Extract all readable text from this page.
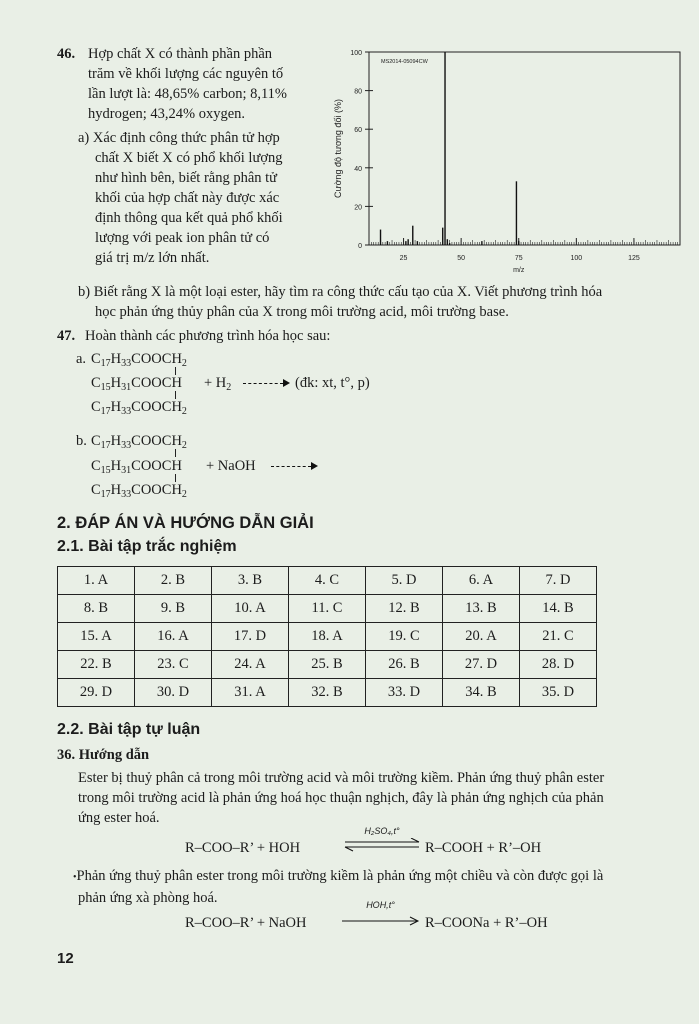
46. Hợp chất X có thành phần phần
trăm về khối lượng các nguyên tố
lần lượt là: 48,65% carbon; 8,11%
hydrogen; 43,24% oxygen.
a) Xác định công thức phân tử hợp
chất X biết X có phổ khối lượng
như hình bên, biết rằng phân tử
khối của hợp chất này được xác
định thông qua kết quả phổ khối
lượng với peak ion phân tử có
giá trị m/z lớn nhất.
0
20
40
60
80
100
25	50	75	100	125
MS2014-05094CW
m/z
Cường độ tương đối (%)
b) Biết rằng X là một loại ester, hãy tìm ra công thức cấu tạo của X. Viết phương trình hóa
học phản ứng thủy phân của X trong môi trường acid, môi trường base.
47. Hoàn thành các phương trình hóa học sau:
a. $C_{17}H_{33}COOCH_2$
$C_{15}H_{31}COOCH + H_2$	(đk: xt, t°, p)
$C_{17}H_{33}COOCH_2$
b. $C_{17}H_{33}COOCH_2$
$C_{15}H_{31}COOCH$ + NaOH
$C_{17}H_{33}COOCH_2$
2. ĐÁP ÁN VÀ HƯỚNG DẪN GIẢI
2.1. Bài tập trắc nghiệm
1. A	2. B	3. B	4. C	5. D	6. A	7. D
8. B	9. B	10. A	11. C	12. B	13. B	14. B
15. A	16. A	17. D	18. A	19. C	20. A	21. C
22. B	23. C	24. A	25. B	26. B	27. D	28. D
29. D	30. D	31. A	32. B	33. D	34. B	35. D
2.2. Bài tập tự luận
36. Hướng dẫn
Ester bị thuỷ phân cả trong môi trường acid và môi trường kiềm. Phản ứng thuỷ phân ester
trong môi trường acid là phản ứng hoá học thuận nghịch, đây là phản ứng nghịch của phản
ứng ester hoá.
R–COO–R’ + HOH
H₂SO₄,t°
R–COOH + R’–OH
•Phản ứng thuỷ phân ester trong môi trường kiềm là phản ứng một chiều và còn được gọi là
phản ứng xà phòng hoá.
R–COO–R’ + NaOH
HOH,t°
R–COONa + R’–OH
12
